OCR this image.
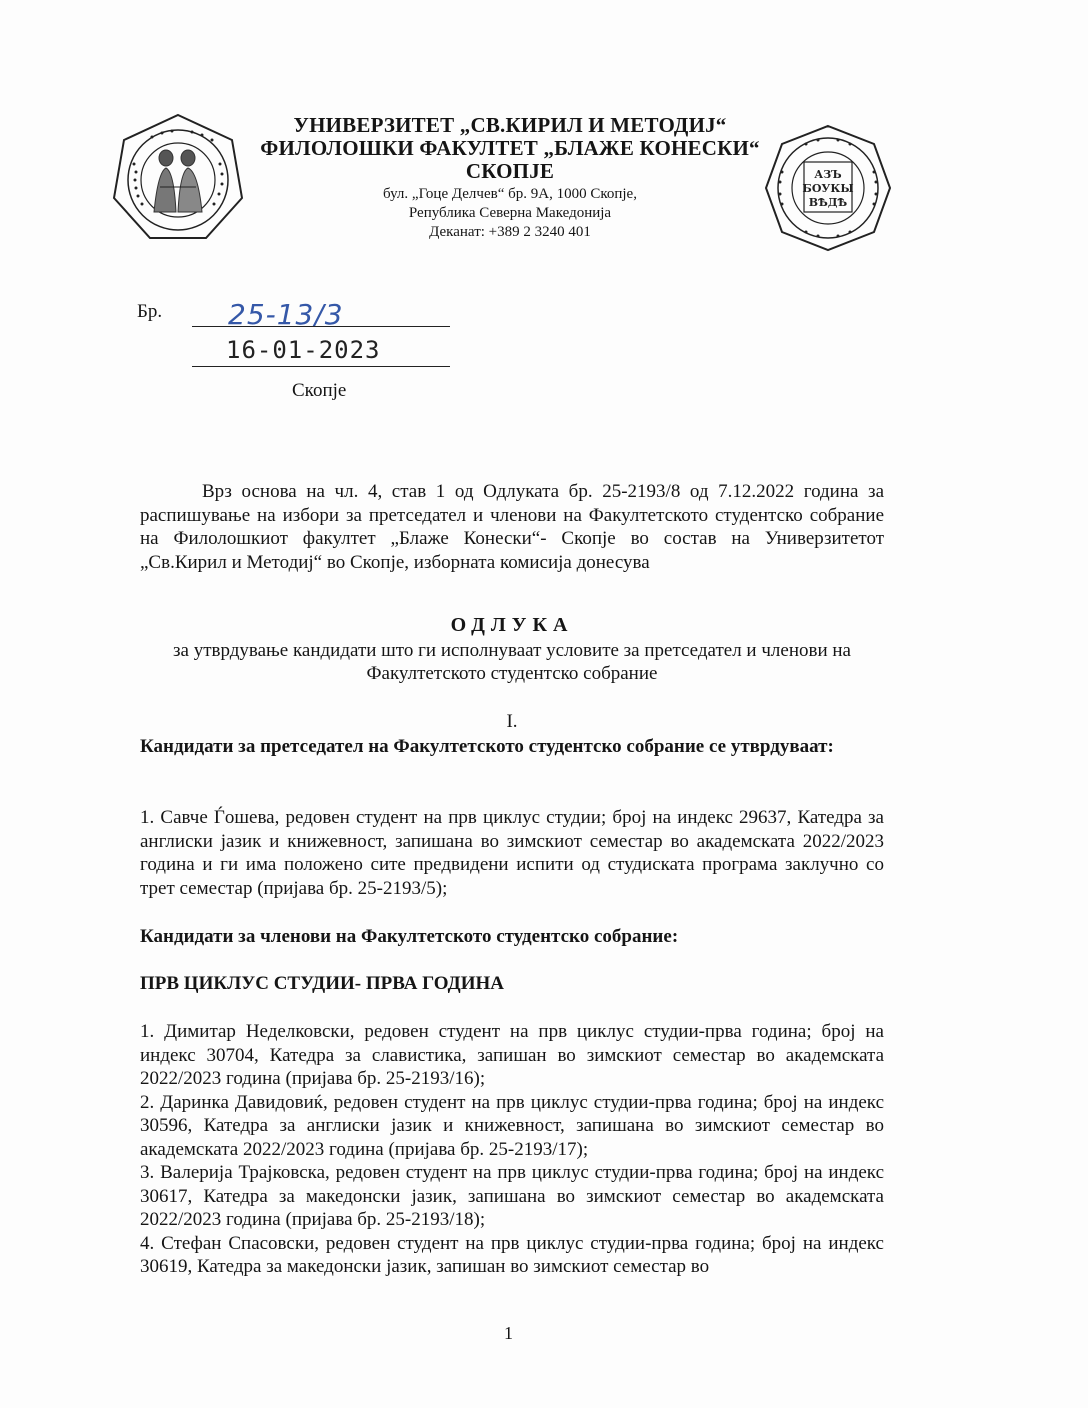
УНИВЕРЗИТЕТ „СВ.КИРИЛ И МЕТОДИЈ“
ФИЛОЛОШКИ ФАКУЛТЕТ „БЛАЖЕ КОНЕСКИ“
СКОПЈЕ
бул. „Гоце Делчев“ бр. 9А, 1000 Скопје,
Република Северна Македонија
Деканат: +389 2 3240 401
АЗЪ
БОУКЫ
ВѢДѢ
Бр. 25-13/3
16-01-2023
Скопје
Врз основа на чл. 4, став 1 од Одлуката бр. 25-2193/8 од 7.12.2022 година за распишување на избори за претседател и членови на Факултетското студентско собрание на Филолошкиот факултет „Блаже Конески“- Скопје во состав на Универзитетот „Св.Кирил и Методиј“ во Скопје, изборната комисија донесува
ОДЛУКА
за утврдување кандидати што ги исполнуваат условите за претседател и членови на Факултетското студентско собрание
I.
Кандидати за претседател на Факултетското студентско собрание се утврдуваат:
1. Савче Ѓошева, редовен студент на прв циклус студии; број на индекс 29637, Катедра за англиски јазик и книжевност, запишана во зимскиот семестар во академската 2022/2023 година и ги има положено сите предвидени испити од студиската програма заклучно со трет семестар (пријава бр. 25-2193/5);
Кандидати за членови на Факултетското студентско собрание:
ПРВ ЦИКЛУС СТУДИИ- ПРВА ГОДИНА
1. Димитар Неделковски, редовен студент на прв циклус студии-прва година; број на индекс 30704, Катедра за славистика, запишан во зимскиот семестар во академската 2022/2023 година (пријава бр. 25-2193/16);
2. Даринка Давидовиќ, редовен студент на прв циклус студии-прва година; број на индекс 30596, Катедра за англиски јазик и книжевност, запишана во зимскиот семестар во академската 2022/2023 година (пријава бр. 25-2193/17);
3. Валерија Трајковска, редовен студент на прв циклус студии-прва година; број на индекс 30617, Катедра за македонски јазик, запишана во зимскиот семестар во академската 2022/2023 година (пријава бр. 25-2193/18);
4. Стефан Спасовски, редовен студент на прв циклус студии-прва година; број на индекс 30619, Катедра за македонски јазик, запишан во зимскиот семестар во
1
